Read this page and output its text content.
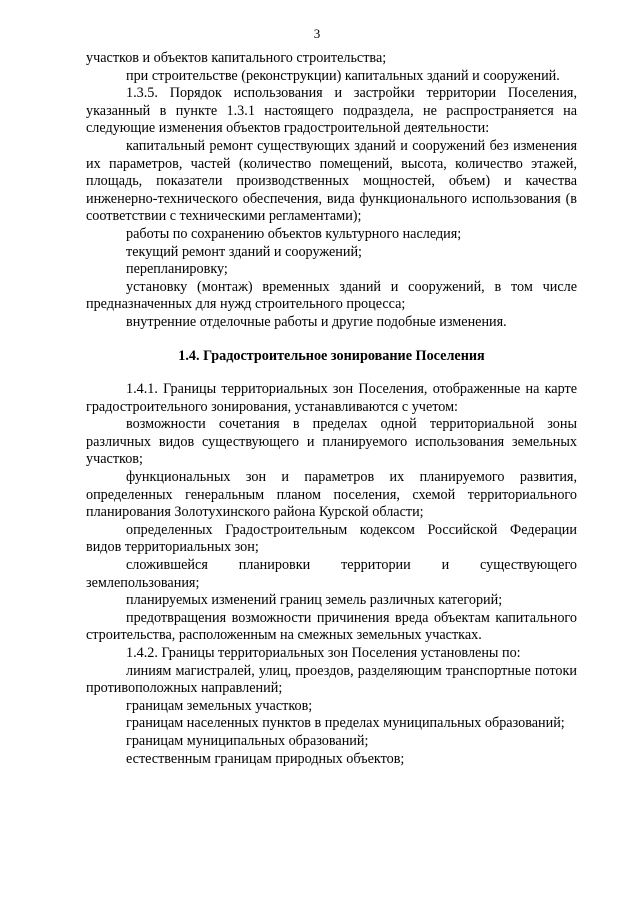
3

участков и объектов капитального строительства;

при строительстве (реконструкции) капитальных зданий и сооружений.

1.3.5. Порядок использования и застройки территории Поселения, указанный в пункте 1.3.1 настоящего подраздела, не распространяется на следующие изменения объектов градостроительной деятельности:

капитальный ремонт существующих зданий и сооружений без изменения их параметров, частей (количество помещений, высота, количество этажей, площадь, показатели производственных мощностей, объем) и качества инженерно-технического обеспечения, вида функционального использования (в соответствии с техническими регламентами);

работы по сохранению объектов культурного наследия;

текущий ремонт зданий и сооружений;

перепланировку;

установку (монтаж) временных зданий и сооружений, в том числе предназначенных для нужд строительного процесса;

внутренние отделочные работы и другие подобные изменения.

1.4. Градостроительное зонирование Поселения

1.4.1. Границы территориальных зон Поселения, отображенные на карте градостроительного зонирования, устанавливаются с учетом:

возможности сочетания в пределах одной территориальной зоны различных видов существующего и планируемого использования земельных участков;

функциональных зон и параметров их планируемого развития, определенных генеральным планом поселения, схемой территориального планирования Золотухинского района Курской области;

определенных Градостроительным кодексом Российской Федерации видов территориальных зон;

сложившейся планировки территории и существующего землепользования;

планируемых изменений границ земель различных категорий;

предотвращения возможности причинения вреда объектам капитального строительства, расположенным на смежных земельных участках.

1.4.2. Границы территориальных зон Поселения установлены по:

линиям магистралей, улиц, проездов, разделяющим транспортные потоки противоположных направлений;

границам земельных участков;

границам населенных пунктов в пределах муниципальных образований;

границам муниципальных образований;

естественным границам природных объектов;
